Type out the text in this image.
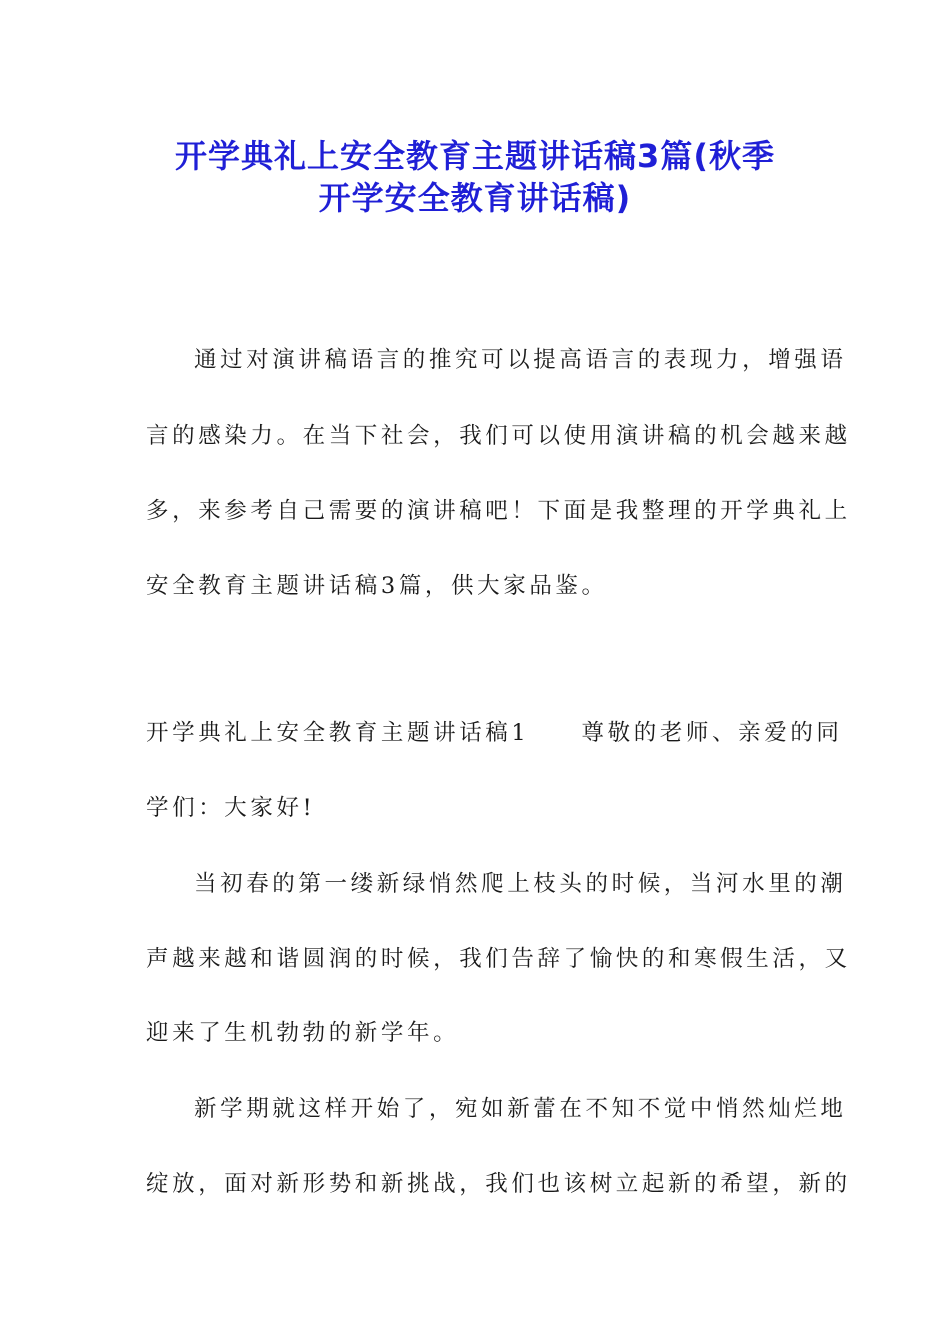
开学典礼上安全教育主题讲话稿3篇(秋季
开学安全教育讲话稿)
通过对演讲稿语言的推究可以提高语言的表现力，增强语
言的感染力。在当下社会，我们可以使用演讲稿的机会越来越
多，来参考自己需要的演讲稿吧！下面是我整理的开学典礼上
安全教育主题讲话稿3篇，供大家品鉴。
开学典礼上安全教育主题讲话稿1　　尊敬的老师、亲爱的同
学们：大家好!
当初春的第一缕新绿悄然爬上枝头的时候，当河水里的潮
声越来越和谐圆润的时候，我们告辞了愉快的和寒假生活，又
迎来了生机勃勃的新学年。
新学期就这样开始了，宛如新蕾在不知不觉中悄然灿烂地
绽放，面对新形势和新挑战，我们也该树立起新的希望，新的
